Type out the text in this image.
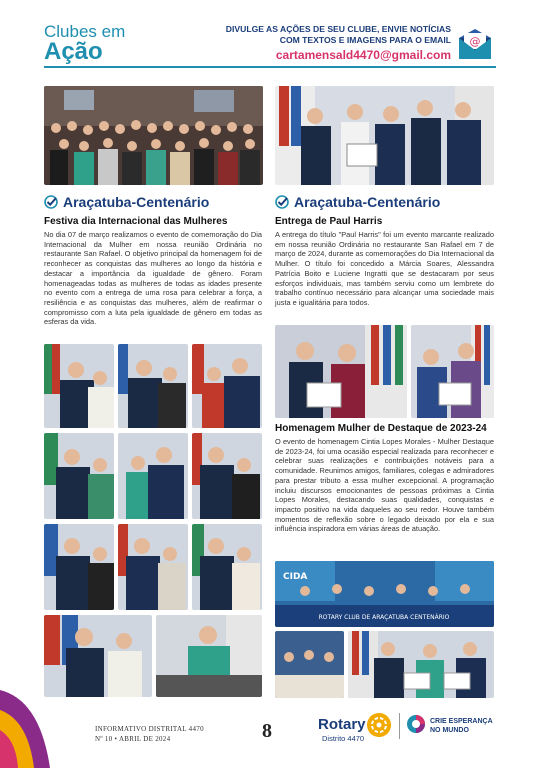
Clubes em
Ação
DIVULGE AS AÇÕES DE SEU CLUBE, ENVIE NOTÍCIAS
COM TEXTOS E IMAGENS PARA O EMAIL
cartamensald4470@gmail.com
@
Araçatuba-Centenário
Festiva dia Internacional das Mulheres
No dia 07 de março realizamos o evento de comemoração do Dia Internacional da Mulher em nossa reunião Ordinária no restaurante San Rafael. O objetivo principal da homenagem foi de reconhecer as conquistas das mulheres ao longo da história e destacar a importância da igualdade de gênero. Foram homenageadas todas as mulheres de todas as idades presente no evento com a entrega de uma rosa para celebrar a força, a resiliência e as conquistas das mulheres, além de reafirmar o compromisso com a luta pela igualdade de gênero em todas as esferas da vida.
Araçatuba-Centenário
Entrega de Paul Harris
A entrega do título "Paul Harris" foi um evento marcante realizado em nossa reunião Ordinária no restaurante San Rafael em 7 de março de 2024, durante as comemorações do Dia Internacional da Mulher. O título foi concedido a Márcia Soares, Alessandra Patrícia Boito e Luciene Ingratti que se destacaram por seus esforços individuais, mas também serviu como um lembrete do trabalho contínuo necessário para alcançar uma sociedade mais justa e igualitária para todos.
Homenagem Mulher de Destaque de 2023-24
O evento de homenagem Cintia Lopes Morales - Mulher Destaque de 2023-24, foi uma ocasião especial realizada para reconhecer e celebrar suas realizações e contribuições notáveis para a comunidade. Reunimos amigos, familiares, colegas e admiradores para prestar tributo a essa mulher excepcional. A programação incluiu discursos emocionantes de pessoas próximas a Cintia Lopes Morales, destacando suas qualidades, conquistas e impacto positivo na vida daqueles ao seu redor. Houve também momentos de reflexão sobre o legado deixado por ela e sua influência inspiradora em várias áreas de atuação.
CIDA
ROTARY CLUB DE ARAÇATUBA CENTENÁRIO
INFORMATIVO DISTRITAL 4470
Nº 10 • ABRIL DE 2024	8	Rotary
Distrito 4470
CRIE ESPERANÇA
NO MUNDO
